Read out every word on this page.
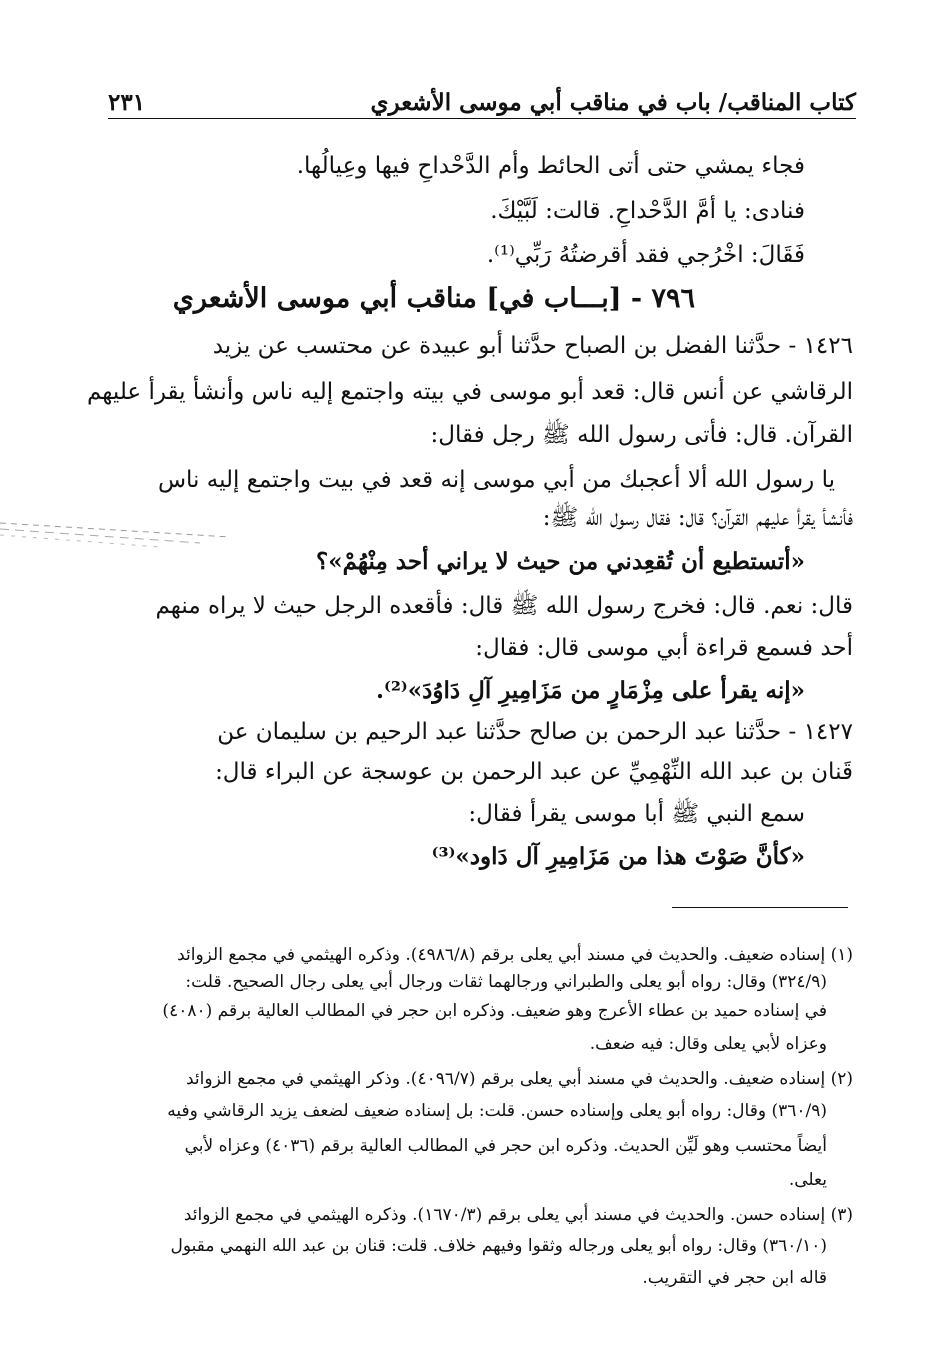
كتاب المناقب/ باب في مناقب أبي موسى الأشعري
٢٣١
فجاء يمشي حتى أتى الحائط وأم الدَّحْداحِ فيها وعِيالُها.
فنادى: يا أمَّ الدَّحْداحِ. قالت: لَبَّيْكَ.
فَقَالَ: اخْرُجي فقد أقرضتُهُ رَبِّي⁽¹⁾.
٧٩٦ - [بـــاب في] مناقب أبي موسى الأشعري
١٤٢٦ - حدَّثنا الفضل بن الصباح حدَّثنا أبو عبيدة عن محتسب عن يزيد
الرقاشي عن أنس قال: قعد أبو موسى في بيته واجتمع إليه ناس وأنشأ يقرأ عليهم
القرآن. قال: فأتى رسول الله ﷺ رجل فقال:
يا رسول الله ألا أعجبك من أبي موسى إنه قعد في بيت واجتمع إليه ناس
فأنشأ يقرأ عليهم القرآن؟ قال: فقال رسول الله ﷺ:
«أتستطيع أن تُقعِدني من حيث لا يراني أحد مِنْهُمْ»؟
قال: نعم. قال: فخرج رسول الله ﷺ قال: فأقعده الرجل حيث لا يراه منهم
أحد فسمع قراءة أبي موسى قال: فقال:
«إنه يقرأ على مِزْمَارٍ من مَزَامِيرِ آلِ دَاوُدَ»⁽²⁾.
١٤٢٧ - حدَّثنا عبد الرحمن بن صالح حدَّثنا عبد الرحيم بن سليمان عن
قَنان بن عبد الله النِّهْمِيِّ عن عبد الرحمن بن عوسجة عن البراء قال:
سمع النبي ﷺ أبا موسى يقرأ فقال:
«كأنَّ صَوْتَ هذا من مَزَامِيرِ آل دَاود»⁽³⁾
(١) إسناده ضعيف. والحديث في مسند أبي يعلى برقم (٤٩٨٦/٨). وذكره الهيثمي في مجمع الزوائد
(٣٢٤/٩) وقال: رواه أبو يعلى والطبراني ورجالهما ثقات ورجال أبي يعلى رجال الصحيح. قلت:
في إسناده حميد بن عطاء الأعرج وهو ضعيف. وذكره ابن حجر في المطالب العالية برقم (٤٠٨٠)
وعزاه لأبي يعلى وقال: فيه ضعف.
(٢) إسناده ضعيف. والحديث في مسند أبي يعلى برقم (٤٠٩٦/٧). وذكر الهيثمي في مجمع الزوائد
(٣٦٠/٩) وقال: رواه أبو يعلى وإسناده حسن. قلت: بل إسناده ضعيف لضعف يزيد الرقاشي وفيه
أيضاً محتسب وهو لَيِّن الحديث. وذكره ابن حجر في المطالب العالية برقم (٤٠٣٦) وعزاه لأبي
يعلى.
(٣) إسناده حسن. والحديث في مسند أبي يعلى برقم (١٦٧٠/٣). وذكره الهيثمي في مجمع الزوائد
(٣٦٠/١٠) وقال: رواه أبو يعلى ورجاله وثقوا وفيهم خلاف. قلت: قنان بن عبد الله النهمي مقبول
قاله ابن حجر في التقريب.
